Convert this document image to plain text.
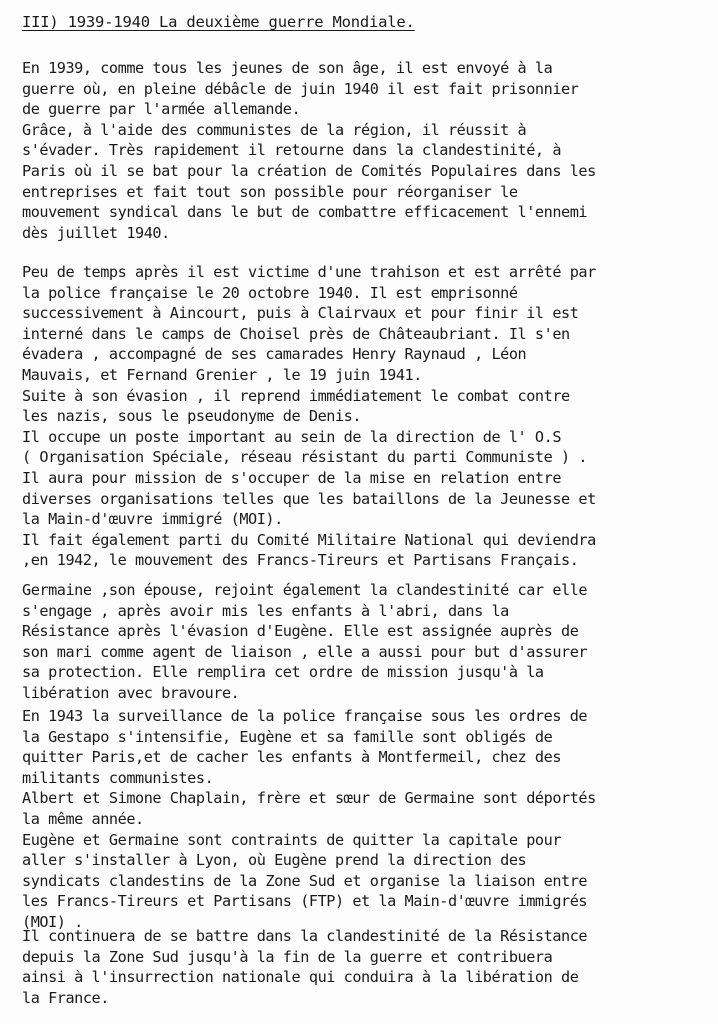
III) 1939-1940 La deuxième guerre Mondiale.
En 1939, comme tous les jeunes de son âge, il est envoyé à la
guerre où, en pleine débâcle de juin 1940 il est fait prisonnier
de guerre par l'armée allemande.
Grâce, à l'aide des communistes de la région, il réussit à
s'évader. Très rapidement il retourne dans la clandestinité, à
Paris où il se bat pour la création de Comités Populaires dans les
entreprises et fait tout son possible pour réorganiser le
mouvement syndical dans le but de combattre efficacement l'ennemi
dès juillet 1940.
Peu de temps après il est victime d'une trahison et est arrêté par
la police française le 20 octobre 1940. Il est emprisonné
successivement à Aincourt, puis à Clairvaux et pour finir il est
interné dans le camps de Choisel près de Châteaubriant. Il s'en
évadera , accompagné de ses camarades Henry Raynaud , Léon
Mauvais, et Fernand Grenier , le 19 juin 1941.
Suite à son évasion , il reprend immédiatement le combat contre
les nazis, sous le pseudonyme de Denis.
Il occupe un poste important au sein de la direction de l' O.S
( Organisation Spéciale, réseau résistant du parti Communiste ) .
Il aura pour mission de s'occuper de la mise en relation entre
diverses organisations telles que les bataillons de la Jeunesse et
la Main-d'œuvre immigré (MOI).
Il fait également parti du Comité Militaire National qui deviendra
,en 1942, le mouvement des Francs-Tireurs et Partisans Français.
Germaine ,son épouse, rejoint également la clandestinité car elle
s'engage , après avoir mis les enfants à l'abri, dans la
Résistance après l'évasion d'Eugène. Elle est assignée auprès de
son mari comme agent de liaison , elle a aussi pour but d'assurer
sa protection. Elle remplira cet ordre de mission jusqu'à la
libération avec bravoure.
En 1943 la surveillance de la police française sous les ordres de
la Gestapo s'intensifie, Eugène et sa famille sont obligés de
quitter Paris,et de cacher les enfants à Montfermeil, chez des
militants communistes.
Albert et Simone Chaplain, frère et sœur de Germaine sont déportés
la même année.
Eugène et Germaine sont contraints de quitter la capitale pour
aller s'installer à Lyon, où Eugène prend la direction des
syndicats clandestins de la Zone Sud et organise la liaison entre
les Francs-Tireurs et Partisans (FTP) et la Main-d'œuvre immigrés
(MOI) .
Il continuera de se battre dans la clandestinité de la Résistance
depuis la Zone Sud jusqu'à la fin de la guerre et contribuera
ainsi à l'insurrection nationale qui conduira à la libération de
la France.
